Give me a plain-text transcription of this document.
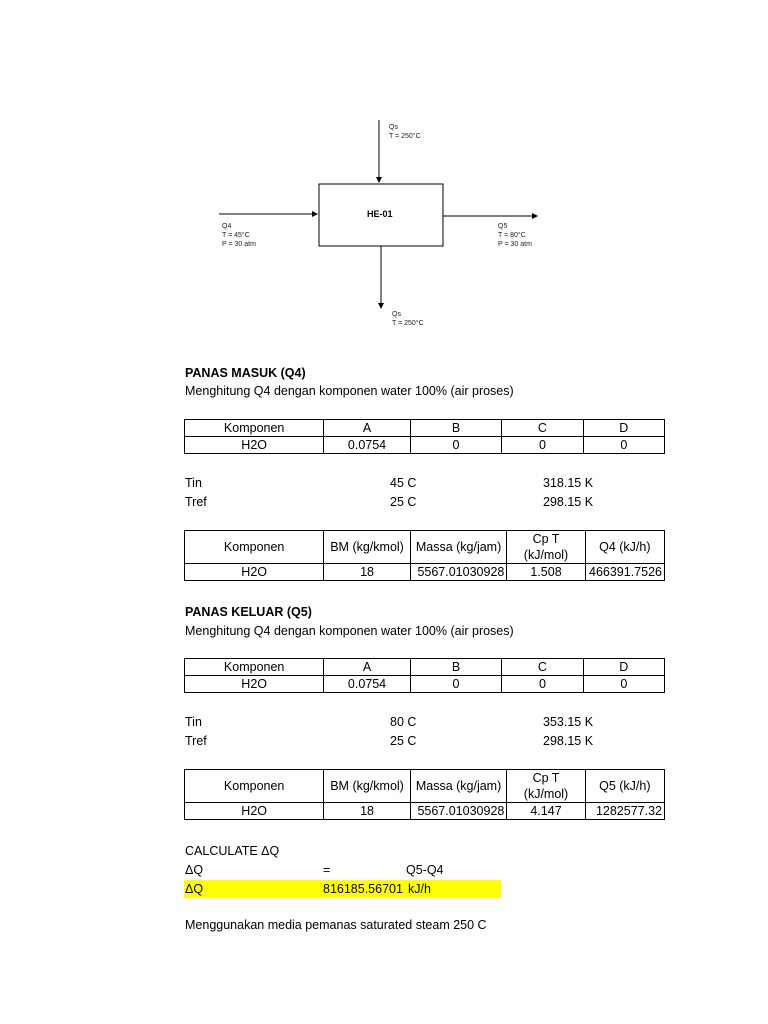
HE-01
Qs
T = 250°C
Q4
T = 45°C
P = 30 atm
Q5
T = 80°C
P = 30 atm
Qs
T = 250°C
PANAS MASUK (Q4)
Menghitung Q4 dengan komponen water 100% (air proses)
Komponen	A	B	C	D
H2O	0.0754	0	0	0
Tin	45 C	318.15 K
Tref	25 C	298.15 K
Komponen	BM (kg/kmol)	Massa (kg/jam)	Cp T (kJ/mol)	Q4 (kJ/h)
H2O	18	5567.01030928	1.508	466391.7526
PANAS KELUAR (Q5)
Menghitung Q4 dengan komponen water 100% (air proses)
Komponen	A	B	C	D
H2O	0.0754	0	0	0
Tin	80 C	353.15 K
Tref	25 C	298.15 K
Komponen	BM (kg/kmol)	Massa (kg/jam)	Cp T (kJ/mol)	Q5 (kJ/h)
H2O	18	5567.01030928	4.147	1282577.32
CALCULATE ΔQ
ΔQ	=	Q5-Q4
ΔQ	816185.56701 kJ/h
Menggunakan media pemanas saturated steam 250 C
